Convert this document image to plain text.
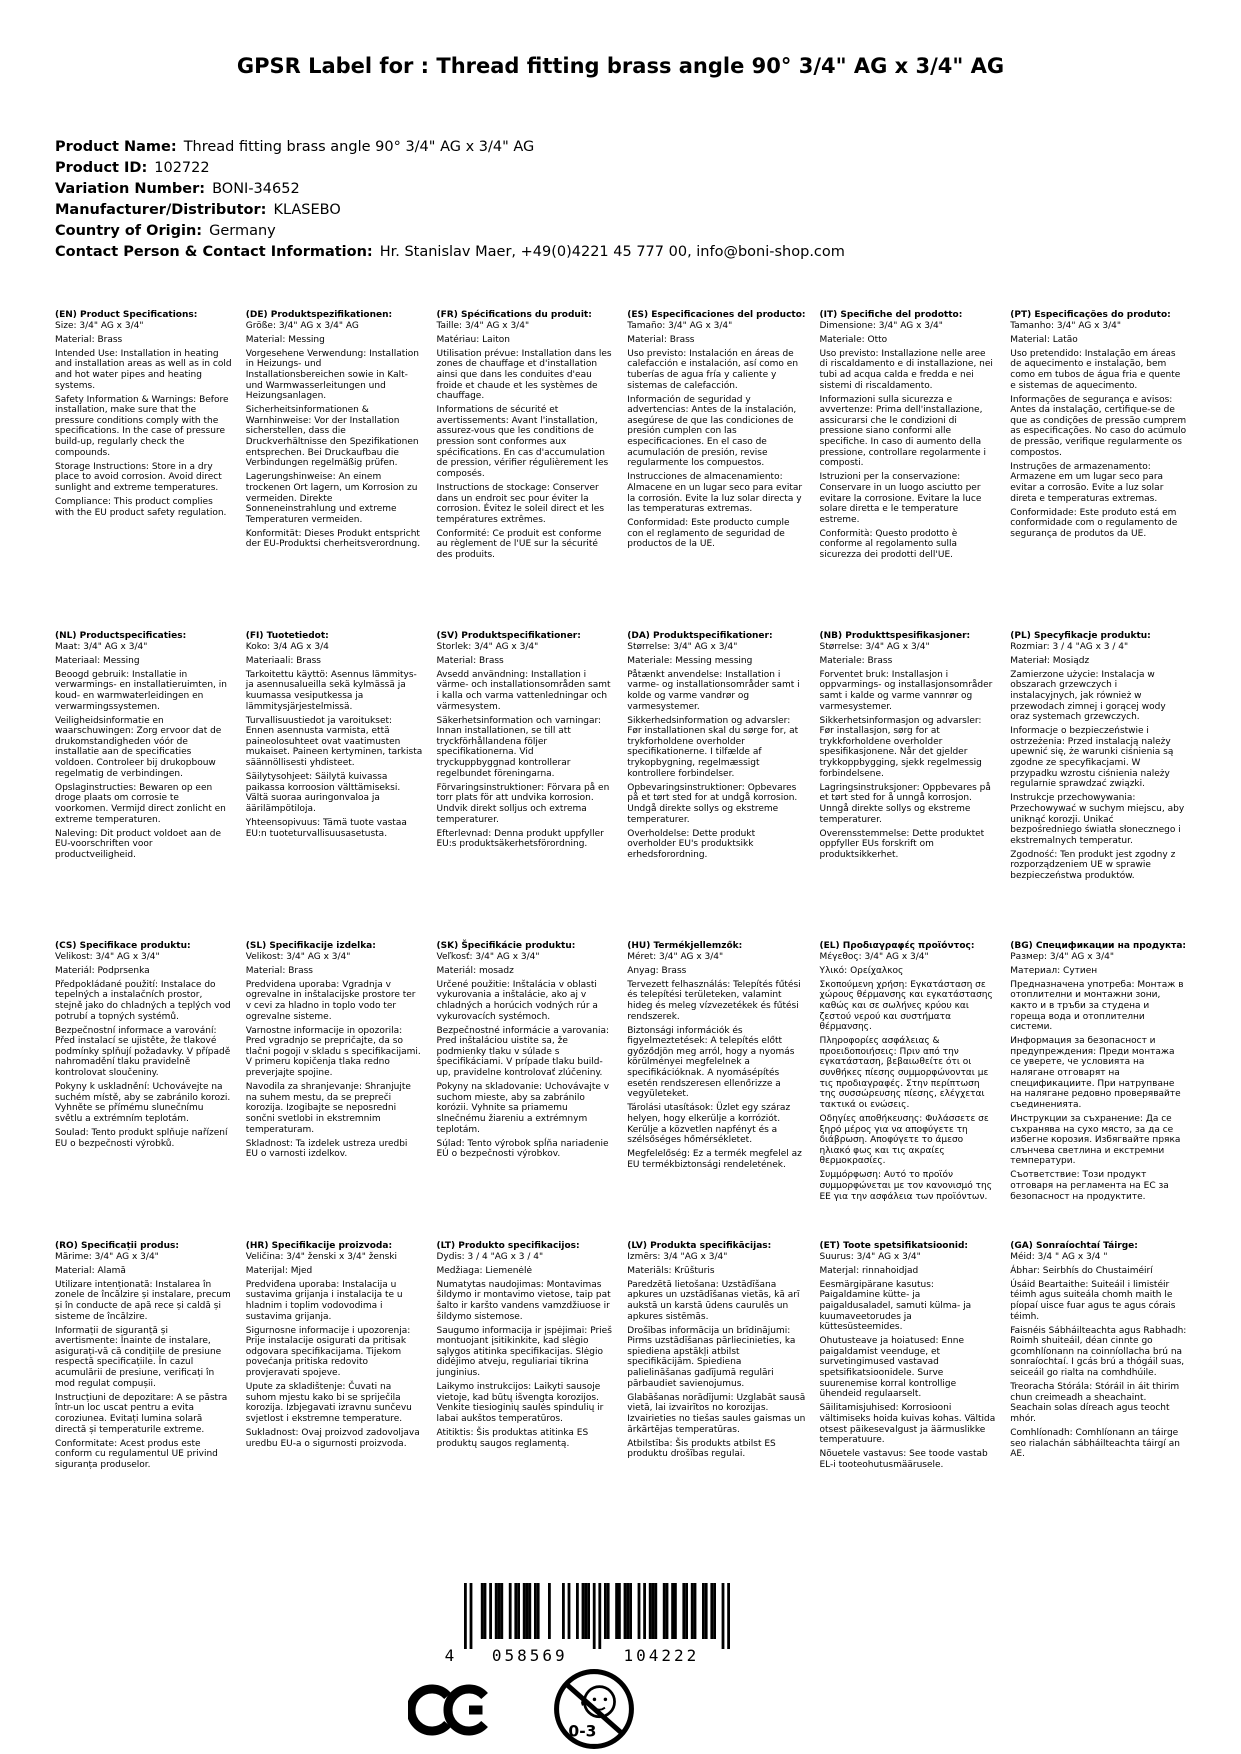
GPSR Label for : Thread fitting brass angle 90° 3/4" AG x 3/4" AG
Product Name: Thread fitting brass angle 90° 3/4" AG x 3/4" AG
Product ID: 102722
Variation Number: BONI-34652
Manufacturer/Distributor: KLASEBO
Country of Origin: Germany
Contact Person & Contact Information: Hr. Stanislav Maer, +49(0)4221 45 777 00, info@boni-shop.com
(EN) Product Specifications:

Size: 3/4" AG x 3/4"

Material: Brass

Intended Use: Installation in heating and installation areas as well as in cold and hot water pipes and heating systems.

Safety Information & Warnings: Before installation, make sure that the pressure conditions comply with the specifications. In the case of pressure build-up, regularly check the compounds.

Storage Instructions: Store in a dry place to avoid corrosion. Avoid direct sunlight and extreme temperatures.

Compliance: This product complies with the EU product safety regulation.

(DE) Produktspezifikationen:

Größe: 3/4" AG x 3/4" AG

Material: Messing

Vorgesehene Verwendung: Installation in Heizungs- und Installationsbereichen sowie in Kalt- und Warmwasserleitungen und Heizungsanlagen.

Sicherheitsinformationen & Warnhinweise: Vor der Installation sicherstellen, dass die Druckverhältnisse den Spezifikationen entsprechen. Bei Druckaufbau die Verbindungen regelmäßig prüfen.

Lagerungshinweise: An einem trockenen Ort lagern, um Korrosion zu vermeiden. Direkte Sonneneinstrahlung und extreme Temperaturen vermeiden.

Konformität: Dieses Produkt entspricht der EU-Produktsi cherheitsverordnung.

(FR) Spécifications du produit:

Taille: 3/4" AG x 3/4"

Matériau: Laiton

Utilisation prévue: Installation dans les zones de chauffage et d'installation ainsi que dans les conduites d'eau froide et chaude et les systèmes de chauffage.

Informations de sécurité et avertissements: Avant l'installation, assurez-vous que les conditions de pression sont conformes aux spécifications. En cas d'accumulation de pression, vérifier régulièrement les composés.

Instructions de stockage: Conserver dans un endroit sec pour éviter la corrosion. Évitez le soleil direct et les températures extrêmes.

Conformité: Ce produit est conforme au règlement de l'UE sur la sécurité des produits.

(ES) Especificaciones del producto:

Tamaño: 3/4" AG x 3/4"

Material: Brass

Uso previsto: Instalación en áreas de calefacción e instalación, así como en tuberías de agua fría y caliente y sistemas de calefacción.

Información de seguridad y advertencias: Antes de la instalación, asegúrese de que las condiciones de presión cumplen con las especificaciones. En el caso de acumulación de presión, revise regularmente los compuestos.

Instrucciones de almacenamiento: Almacene en un lugar seco para evitar la corrosión. Evite la luz solar directa y las temperaturas extremas.

Conformidad: Este producto cumple con el reglamento de seguridad de productos de la UE.

(IT) Specifiche del prodotto:

Dimensione: 3/4" AG x 3/4"

Materiale: Otto

Uso previsto: Installazione nelle aree di riscaldamento e di installazione, nei tubi ad acqua calda e fredda e nei sistemi di riscaldamento.

Informazioni sulla sicurezza e avvertenze: Prima dell'installazione, assicurarsi che le condizioni di pressione siano conformi alle specifiche. In caso di aumento della pressione, controllare regolarmente i composti.

Istruzioni per la conservazione: Conservare in un luogo asciutto per evitare la corrosione. Evitare la luce solare diretta e le temperature estreme.

Conformità: Questo prodotto è conforme al regolamento sulla sicurezza dei prodotti dell'UE.

(PT) Especificações do produto:

Tamanho: 3/4" AG x 3/4"

Material: Latão

Uso pretendido: Instalação em áreas de aquecimento e instalação, bem como em tubos de água fria e quente e sistemas de aquecimento.

Informações de segurança e avisos: Antes da instalação, certifique-se de que as condições de pressão cumprem as especificações. No caso do acúmulo de pressão, verifique regularmente os compostos.

Instruções de armazenamento: Armazene em um lugar seco para evitar a corrosão. Evite a luz solar direta e temperaturas extremas.

Conformidade: Este produto está em conformidade com o regulamento de segurança de produtos da UE.

(NL) Productspecificaties:

Maat: 3/4" AG x 3/4"

Materiaal: Messing

Beoogd gebruik: Installatie in verwarmings- en installatieruimten, in koud- en warmwaterleidingen en verwarmingssystemen.

Veiligheidsinformatie en waarschuwingen: Zorg ervoor dat de drukomstandigheden vóór de installatie aan de specificaties voldoen. Controleer bij drukopbouw regelmatig de verbindingen.

Opslaginstructies: Bewaren op een droge plaats om corrosie te voorkomen. Vermijd direct zonlicht en extreme temperaturen.

Naleving: Dit product voldoet aan de EU-voorschriften voor productveiligheid.

(FI) Tuotetiedot:

Koko: 3/4 AG x 3/4

Materiaali: Brass

Tarkoitettu käyttö: Asennus lämmitys- ja asennusalueilla sekä kylmässä ja kuumassa vesiputkessa ja lämmitysjärjestelmissä.

Turvallisuustiedot ja varoitukset: Ennen asennusta varmista, että paineolosuhteet ovat vaatimusten mukaiset. Paineen kertyminen, tarkista säännöllisesti yhdisteet.

Säilytysohjeet: Säilytä kuivassa paikassa korroosion välttämiseksi. Vältä suoraa auringonvaloa ja äärilämpötiloja.

Yhteensopivuus: Tämä tuote vastaa EU:n tuoteturvallisuusasetusta.

(SV) Produktspecifikationer:

Storlek: 3/4" AG x 3/4"

Material: Brass

Avsedd användning: Installation i värme- och installationsområden samt i kalla och varma vattenledningar och värmesystem.

Säkerhetsinformation och varningar: Innan installationen, se till att tryckförhållandena följer specifikationerna. Vid tryckuppbyggnad kontrollerar regelbundet föreningarna.

Förvaringsinstruktioner: Förvara på en torr plats för att undvika korrosion. Undvik direkt solljus och extrema temperaturer.

Efterlevnad: Denna produkt uppfyller EU:s produktsäkerhetsförordning.

(DA) Produktspecifikationer:

Størrelse: 3/4" AG x 3/4"

Materiale: Messing messing

Påtænkt anvendelse: Installation i varme- og installationsområder samt i kolde og varme vandrør og varmesystemer.

Sikkerhedsinformation og advarsler: Før installationen skal du sørge for, at trykforholdene overholder specifikationerne. I tilfælde af trykopbygning, regelmæssigt kontrollere forbindelser.

Opbevaringsinstruktioner: Opbevares på et tørt sted for at undgå korrosion. Undgå direkte sollys og ekstreme temperaturer.

Overholdelse: Dette produkt overholder EU's produktsikk erhedsforordning.

(NB) Produkttspesifikasjoner:

Størrelse: 3/4" AG x 3/4"

Materiale: Brass

Forventet bruk: Installasjon i oppvarmings- og installasjonsområder samt i kalde og varme vannrør og varmesystemer.

Sikkerhetsinformasjon og advarsler: Før installasjon, sørg for at trykkforholdene overholder spesifikasjonene. Når det gjelder trykkoppbygging, sjekk regelmessig forbindelsene.

Lagringsinstruksjoner: Oppbevares på et tørt sted for å unngå korrosjon. Unngå direkte sollys og ekstreme temperaturer.

Overensstemmelse: Dette produktet oppfyller EUs forskrift om produktsikkerhet.

(PL) Specyfikacje produktu:

Rozmiar: 3 / 4 "AG x 3 / 4"

Materiał: Mosiądz

Zamierzone użycie: Instalacja w obszarach grzewczych i instalacyjnych, jak również w przewodach zimnej i gorącej wody oraz systemach grzewczych.

Informacje o bezpieczeństwie i ostrzeżenia: Przed instalacją należy upewnić się, że warunki ciśnienia są zgodne ze specyfikacjami. W przypadku wzrostu ciśnienia należy regularnie sprawdzać związki.

Instrukcje przechowywania: Przechowywać w suchym miejscu, aby uniknąć korozji. Unikać bezpośredniego światła słonecznego i ekstremalnych temperatur.

Zgodność: Ten produkt jest zgodny z rozporządzeniem UE w sprawie bezpieczeństwa produktów.

(CS) Specifikace produktu:

Velikost: 3/4" AG x 3/4"

Materiál: Podprsenka

Předpokládané použití: Instalace do tepelných a instalačních prostor, stejně jako do chladných a teplých vod potrubí a topných systémů.

Bezpečnostní informace a varování: Před instalací se ujistěte, že tlakové podmínky splňují požadavky. V případě nahromadění tlaku pravidelně kontrolovat sloučeniny.

Pokyny k uskladnění: Uchovávejte na suchém místě, aby se zabránilo korozi. Vyhněte se přímému slunečnímu světlu a extrémním teplotám.

Soulad: Tento produkt splňuje nařízení EU o bezpečnosti výrobků.

(SL) Specifikacije izdelka:

Velikost: 3/4" AG x 3/4"

Material: Brass

Predvidena uporaba: Vgradnja v ogrevalne in inštalacijske prostore ter v cevi za hladno in toplo vodo ter ogrevalne sisteme.

Varnostne informacije in opozorila: Pred vgradnjo se prepričajte, da so tlačni pogoji v skladu s specifikacijami. V primeru kopičenja tlaka redno preverjajte spojine.

Navodila za shranjevanje: Shranjujte na suhem mestu, da se prepreči korozija. Izogibajte se neposredni sončni svetlobi in ekstremnim temperaturam.

Skladnost: Ta izdelek ustreza uredbi EU o varnosti izdelkov.

(SK) Špecifikácie produktu:

Veľkosť: 3/4" AG x 3/4"

Materiál: mosadz

Určené použitie: Inštalácia v oblasti vykurovania a inštalácie, ako aj v chladných a horúcich vodných rúr a vykurovacích systémoch.

Bezpečnostné informácie a varovania: Pred inštaláciou uistite sa, že podmienky tlaku v súlade s špecifikáciami. V prípade tlaku build-up, pravidelne kontrolovať zlúčeniny.

Pokyny na skladovanie: Uchovávajte v suchom mieste, aby sa zabránilo korózii. Vyhnite sa priamemu slnečnému žiareniu a extrémnym teplotám.

Súlad: Tento výrobok spĺňa nariadenie EÚ o bezpečnosti výrobkov.

(HU) Termékjellemzők:

Méret: 3/4" AG x 3/4"

Anyag: Brass

Tervezett felhasználás: Telepítés fűtési és telepítési területeken, valamint hideg és meleg vízvezetékek és fűtési rendszerek.

Biztonsági információk és figyelmeztetések: A telepítés előtt győződjön meg arról, hogy a nyomás körülményei megfelelnek a specifikációknak. A nyomásépítés esetén rendszeresen ellenőrizze a vegyületeket.

Tárolási utasítások: Üzlet egy száraz helyen, hogy elkerülje a korróziót. Kerülje a közvetlen napfényt és a szélsőséges hőmérsékletet.

Megfelelőség: Ez a termék megfelel az EU termékbiztonsági rendeletének.

(EL) Προδιαγραφές προϊόντος:

Μέγεθος: 3/4" AG x 3/4"

Υλικό: Ορείχαλκος

Σκοπούμενη χρήση: Εγκατάσταση σε χώρους θέρμανσης και εγκατάστασης καθώς και σε σωλήνες κρύου και ζεστού νερού και συστήματα θέρμανσης.

Πληροφορίες ασφάλειας & προειδοποιήσεις: Πριν από την εγκατάσταση, βεβαιωθείτε ότι οι συνθήκες πίεσης συμμορφώνονται με τις προδιαγραφές. Στην περίπτωση της συσσώρευσης πίεσης, ελέγχεται τακτικά οι ενώσεις.

Οδηγίες αποθήκευσης: Φυλάσσετε σε ξηρό μέρος για να αποφύγετε τη διάβρωση. Αποφύγετε το άμεσο ηλιακό φως και τις ακραίες θερμοκρασίες.

Συμμόρφωση: Αυτό το προϊόν συμμορφώνεται με τον κανονισμό της ΕΕ για την ασφάλεια των προϊόντων.

(BG) Спецификации на продукта:

Размер: 3/4" AG x 3/4"

Материал: Сутиен

Предназначена употреба: Монтаж в отоплителни и монтажни зони, както и в тръби за студена и гореща вода и отоплителни системи.

Информация за безопасност и предупреждения: Преди монтажа се уверете, че условията на налягане отговарят на спецификациите. При натрупване на налягане редовно проверявайте съединенията.

Инструкции за съхранение: Да се съхранява на сухо място, за да се избегне корозия. Избягвайте пряка слънчева светлина и екстремни температури.

Съответствие: Този продукт отговаря на регламента на ЕС за безопасност на продуктите.

(RO) Specificații produs:

Mărime: 3/4" AG x 3/4"

Material: Alamă

Utilizare intenționată: Instalarea în zonele de încălzire și instalare, precum și în conducte de apă rece și caldă și sisteme de încălzire.

Informații de siguranță și avertismente: Înainte de instalare, asigurați-vă că condițiile de presiune respectă specificațiile. În cazul acumulării de presiune, verificați în mod regulat compușii.

Instrucțiuni de depozitare: A se păstra într-un loc uscat pentru a evita coroziunea. Evitați lumina solară directă și temperaturile extreme.

Conformitate: Acest produs este conform cu regulamentul UE privind siguranța produselor.

(HR) Specifikacije proizvoda:

Veličina: 3/4" ženski x 3/4" ženski

Materijal: Mjed

Predviđena uporaba: Instalacija u sustavima grijanja i instalacija te u hladnim i toplim vodovodima i sustavima grijanja.

Sigurnosne informacije i upozorenja: Prije instalacije osigurati da pritisak odgovara specifikacijama. Tijekom povećanja pritiska redovito provjeravati spojeve.

Upute za skladištenje: Čuvati na suhom mjestu kako bi se spriječila korozija. Izbjegavati izravnu sunčevu svjetlost i ekstremne temperature.

Sukladnost: Ovaj proizvod zadovoljava uredbu EU-a o sigurnosti proizvoda.

(LT) Produkto specifikacijos:

Dydis: 3 / 4 "AG x 3 / 4"

Medžiaga: Liemenėlė

Numatytas naudojimas: Montavimas šildymo ir montavimo vietose, taip pat šalto ir karšto vandens vamzdžiuose ir šildymo sistemose.

Saugumo informacija ir įspėjimai: Prieš montuojant įsitikinkite, kad slėgio sąlygos atitinka specifikacijas. Slėgio didėjimo atveju, reguliariai tikrina junginius.

Laikymo instrukcijos: Laikyti sausoje vietoje, kad būtų išvengta korozijos. Venkite tiesioginių saulės spindulių ir labai aukštos temperatūros.

Atitiktis: Šis produktas atitinka ES produktų saugos reglamentą.

(LV) Produkta specifikācijas:

Izmērs: 3/4 "AG x 3/4"

Materiāls: Krūšturis

Paredzētā lietošana: Uzstādīšana apkures un uzstādīšanas vietās, kā arī aukstā un karstā ūdens caurulēs un apkures sistēmās.

Drošības informācija un brīdinājumi: Pirms uzstādīšanas pārliecinieties, ka spiediena apstākļi atbilst specifikācijām. Spiediena palielināšanas gadījumā regulāri pārbaudiet savienojumus.

Glabāšanas norādījumi: Uzglabāt sausā vietā, lai izvairītos no korozijas. Izvairieties no tiešas saules gaismas un ārkārtējas temperatūras.

Atbilstība: Šis produkts atbilst ES produktu drošības regulai.

(ET) Toote spetsifikatsioonid:

Suurus: 3/4" AG x 3/4"

Materjal: rinnahoidjad

Eesmärgipärane kasutus: Paigaldamine kütte- ja paigaldusaladel, samuti külma- ja kuumaveetorudes ja küttesüsteemides.

Ohutusteave ja hoiatused: Enne paigaldamist veenduge, et survetingimused vastavad spetsifikatsioonidele. Surve suurenemise korral kontrollige ühendeid regulaarselt.

Säilitamisjuhised: Korrosiooni vältimiseks hoida kuivas kohas. Vältida otsest päikesevalgust ja äärmuslikke temperatuure.

Nõuetele vastavus: See toode vastab EL-i tooteohutusmäärusele.

(GA) Sonraíochtaí Táirge:

Méid: 3/4 " AG x 3/4 "

Ábhar: Seirbhís do Chustaiméirí

Úsáid Beartaithe: Suiteáil i limistéir téimh agus suiteála chomh maith le píopaí uisce fuar agus te agus córais téimh.

Faisnéis Sábháilteachta agus Rabhadh: Roimh shuiteáil, déan cinnte go gcomhlíonann na coinníollacha brú na sonraíochtaí. I gcás brú a thógáil suas, seiceáil go rialta na comhdhúile.

Treoracha Stórála: Stóráil in áit thirim chun creimeadh a sheachaint. Seachain solas díreach agus teocht mhór.

Comhlíonadh: Comhlíonann an táirge seo rialachán sábháilteachta táirgí an AE.

4 058569	104222
0-3
